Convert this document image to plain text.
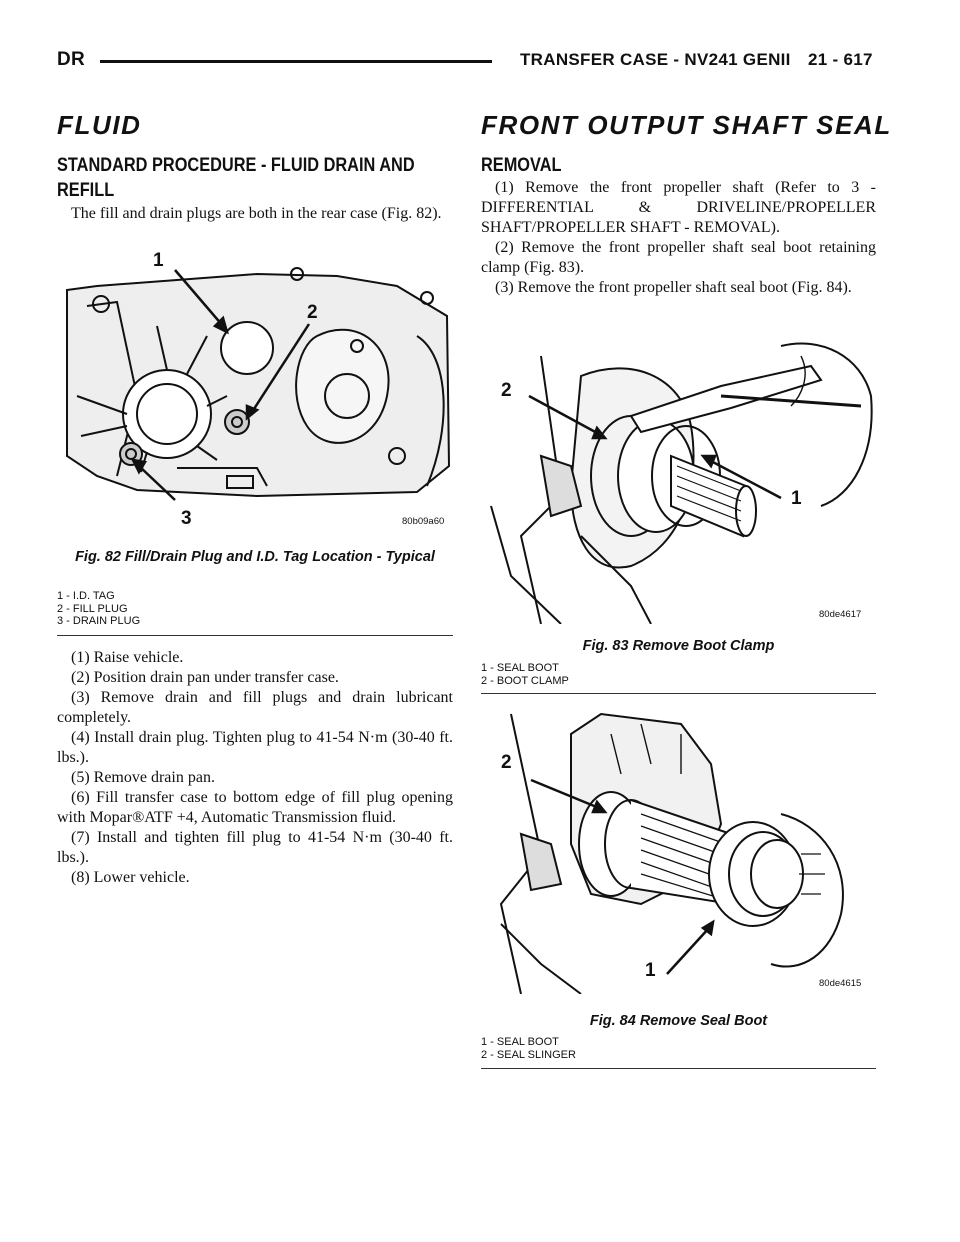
DR	TRANSFER CASE - NV241 GENII 21 - 617
FLUID
STANDARD PROCEDURE - FLUID DRAIN AND REFILL
The fill and drain plugs are both in the rear case (Fig. 82).
1
2
3	80b09a60
Fig. 82 Fill/Drain Plug and I.D. Tag Location - Typical
1 - I.D. TAG
2 - FILL PLUG
3 - DRAIN PLUG
(1) Raise vehicle.
(2) Position drain pan under transfer case.
(3) Remove drain and fill plugs and drain lubricant completely.
(4) Install drain plug. Tighten plug to 41-54 N·m (30-40 ft. lbs.).
(5) Remove drain pan.
(6) Fill transfer case to bottom edge of fill plug opening with Mopar®ATF +4, Automatic Transmission fluid.
(7) Install and tighten fill plug to 41-54 N·m (30-40 ft. lbs.).
(8) Lower vehicle.
FRONT OUTPUT SHAFT SEAL
REMOVAL
(1) Remove the front propeller shaft (Refer to 3 - DIFFERENTIAL & DRIVELINE/PROPELLER SHAFT/PROPELLER SHAFT - REMOVAL).
(2) Remove the front propeller shaft seal boot retaining clamp (Fig. 83).
(3) Remove the front propeller shaft seal boot (Fig. 84).
2
1
80de4617
Fig. 83 Remove Boot Clamp
1 - SEAL BOOT
2 - BOOT CLAMP
2
1
80de4615
Fig. 84 Remove Seal Boot
1 - SEAL BOOT
2 - SEAL SLINGER
